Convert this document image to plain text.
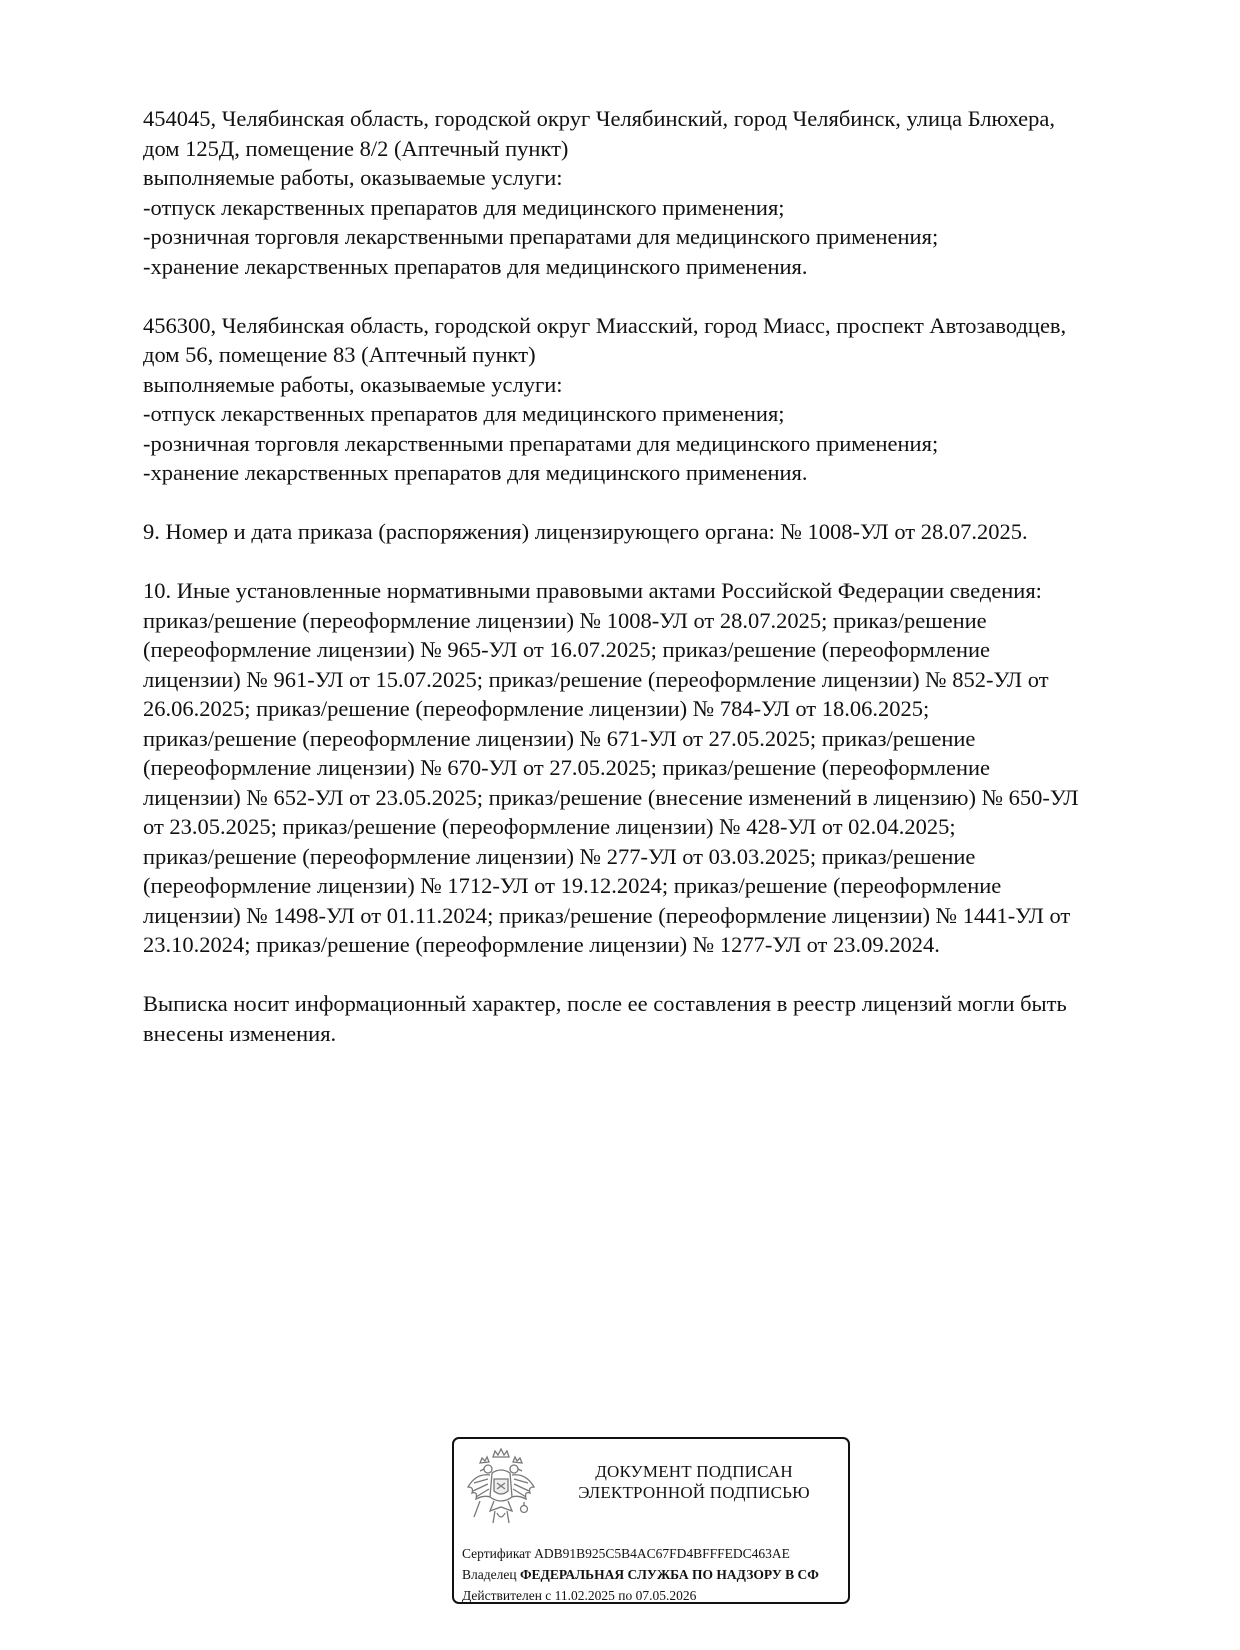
454045, Челябинская область, городской округ Челябинский, город Челябинск, улица Блюхера,
дом 125Д, помещение 8/2 (Аптечный пункт)
выполняемые работы, оказываемые услуги:
-отпуск лекарственных препаратов для медицинского применения;
-розничная торговля лекарственными препаратами для медицинского применения;
-хранение лекарственных препаратов для медицинского применения.
456300, Челябинская область, городской округ Миасский, город Миасс, проспект Автозаводцев,
дом 56, помещение 83 (Аптечный пункт)
выполняемые работы, оказываемые услуги:
-отпуск лекарственных препаратов для медицинского применения;
-розничная торговля лекарственными препаратами для медицинского применения;
-хранение лекарственных препаратов для медицинского применения.
9. Номер и дата приказа (распоряжения) лицензирующего органа: № 1008-УЛ от 28.07.2025.
10. Иные установленные нормативными правовыми актами Российской Федерации сведения:
приказ/решение (переоформление лицензии) № 1008-УЛ от 28.07.2025; приказ/решение
(переоформление лицензии) № 965-УЛ от 16.07.2025; приказ/решение (переоформление
лицензии) № 961-УЛ от 15.07.2025; приказ/решение (переоформление лицензии) № 852-УЛ от
26.06.2025; приказ/решение (переоформление лицензии) № 784-УЛ от 18.06.2025;
приказ/решение (переоформление лицензии) № 671-УЛ от 27.05.2025; приказ/решение
(переоформление лицензии) № 670-УЛ от 27.05.2025; приказ/решение (переоформление
лицензии) № 652-УЛ от 23.05.2025; приказ/решение (внесение изменений в лицензию) № 650-УЛ
от 23.05.2025; приказ/решение (переоформление лицензии) № 428-УЛ от 02.04.2025;
приказ/решение (переоформление лицензии) № 277-УЛ от 03.03.2025; приказ/решение
(переоформление лицензии) № 1712-УЛ от 19.12.2024; приказ/решение (переоформление
лицензии) № 1498-УЛ от 01.11.2024; приказ/решение (переоформление лицензии) № 1441-УЛ от
23.10.2024; приказ/решение (переоформление лицензии) № 1277-УЛ от 23.09.2024.
Выписка носит информационный характер, после ее составления в реестр лицензий могли быть
внесены изменения.
ДОКУМЕНТ ПОДПИСАН
ЭЛЕКТРОННОЙ ПОДПИСЬЮ
Сертификат ADB91B925C5B4AC67FD4BFFFEDC463AE
Владелец ФЕДЕРАЛЬНАЯ СЛУЖБА ПО НАДЗОРУ В СФ
Действителен с 11.02.2025 по 07.05.2026
